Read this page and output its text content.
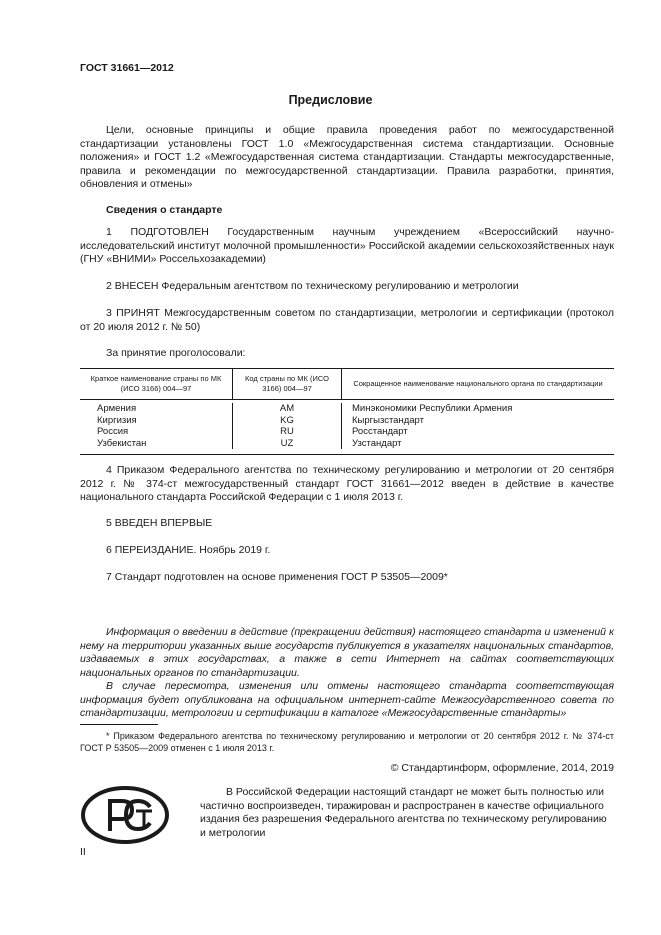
ГОСТ 31661—2012
Предисловие
Цели, основные принципы и общие правила проведения работ по межгосударственной стандартизации установлены ГОСТ 1.0 «Межгосударственная система стандартизации. Основные положения» и ГОСТ 1.2 «Межгосударственная система стандартизации. Стандарты межгосударственные, правила и рекомендации по межгосударственной стандартизации. Правила разработки, принятия, обновления и отмены»
Сведения о стандарте
1 ПОДГОТОВЛЕН Государственным научным учреждением «Всероссийский научно-исследовательский институт молочной промышленности» Российской академии сельскохозяйственных наук (ГНУ «ВНИМИ» Россельхозакадемии)
2 ВНЕСЕН Федеральным агентством по техническому регулированию и метрологии
3 ПРИНЯТ Межгосударственным советом по стандартизации, метрологии и сертификации (протокол от 20 июля 2012 г. № 50)
За принятие проголосовали:
Краткое наименование страны по МК (ИСО 3166) 004—97
Код страны по МК (ИСО 3166) 004—97
Сокращенное наименование национального органа по стандартизации
Армения
Киргизия
Россия
Узбекистан
AM
KG
RU
UZ
Минэкономики Республики Армения
Кыргызстандарт
Росстандарт
Узстандарт
4 Приказом Федерального агентства по техническому регулированию и метрологии от 20 сентября 2012 г. № 374-ст межгосударственный стандарт ГОСТ 31661—2012 введен в действие в качестве национального стандарта Российской Федерации с 1 июля 2013 г.
5 ВВЕДЕН ВПЕРВЫЕ
6 ПЕРЕИЗДАНИЕ. Ноябрь 2019 г.
7 Стандарт подготовлен на основе применения ГОСТ Р 53505—2009*
Информация о введении в действие (прекращении действия) настоящего стандарта и изменений к нему на территории указанных выше государств публикуется в указателях национальных стандартов, издаваемых в этих государствах, а также в сети Интернет на сайтах соответствующих национальных органов по стандартизации.
В случае пересмотра, изменения или отмены настоящего стандарта соответствующая информация будет опубликована на официальном интернет-сайте Межгосударственного совета по стандартизации, метрологии и сертификации в каталоге «Межгосударственные стандарты»
* Приказом Федерального агентства по техническому регулированию и метрологии от 20 сентября 2012 г. № 374-ст ГОСТ Р 53505—2009 отменен с 1 июля 2013 г.
© Стандартинформ, оформление, 2014, 2019
В Российской Федерации настоящий стандарт не может быть полностью или частично воспроизведен, тиражирован и распространен в качестве официального издания без разрешения Федерального агентства по техническому регулированию и метрологии
II
